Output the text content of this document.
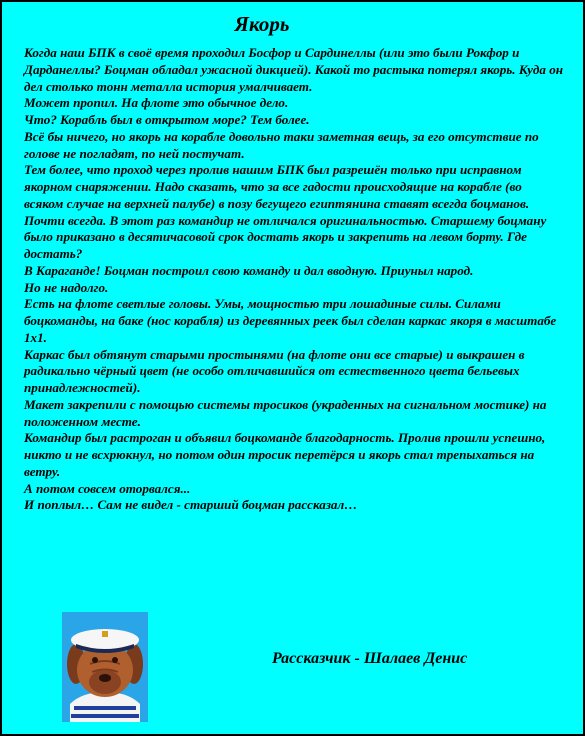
Якорь

Когда наш БПК в своё время проходил Босфор и Сардинеллы (или это были Рокфор и Дарданеллы? Боцман обладал ужасной дикцией). Какой то растыка потерял якорь. Куда он дел столько тонн металла история умалчивает.

Может пропил. На флоте это обычное дело.

Что? Корабль был в открытом море? Тем более.

Всё бы ничего, но якорь на корабле довольно таки заметная вещь, за его отсутствие по голове не погладят, по ней постучат.

Тем более, что проход через пролив нашим БПК был разрешён только при исправном якорном снаряжении. Надо сказать, что за все гадости происходящие на корабле (во всяком случае на верхней палубе) в позу бегущего египтянина ставят всегда боцманов.

Почти всегда. В этот раз командир не отличался оригинальностью. Старшему боцману было приказано в десятичасовой срок достать якорь и закрепить на левом борту. Где достать?

В Караганде! Боцман построил свою команду и дал вводную. Приуныл народ.

Но не надолго.

Есть на флоте светлые головы. Умы, мощностью три лошадиные силы. Силами боцкоманды, на баке (нос корабля) из деревянных реек был сделан каркас якоря в масштабе 1х1.

Каркас был обтянут старыми простынями (на флоте они все старые) и выкрашен в радикально чёрный цвет (не особо отличавшийся от естественного цвета бельевых принадлежностей).

Макет закрепили с помощью системы тросиков (украденных на сигнальном мостике) на положенном месте.

Командир был растроган и объявил боцкоманде благодарность. Пролив прошли успешно, никто и не всхрюкнул, но потом один тросик перетёрся и якорь стал трепыхаться на ветру.

А потом совсем оторвался...

И поплыл… Сам не видел - старший боцман рассказал…

Рассказчик - Шалаев Денис
